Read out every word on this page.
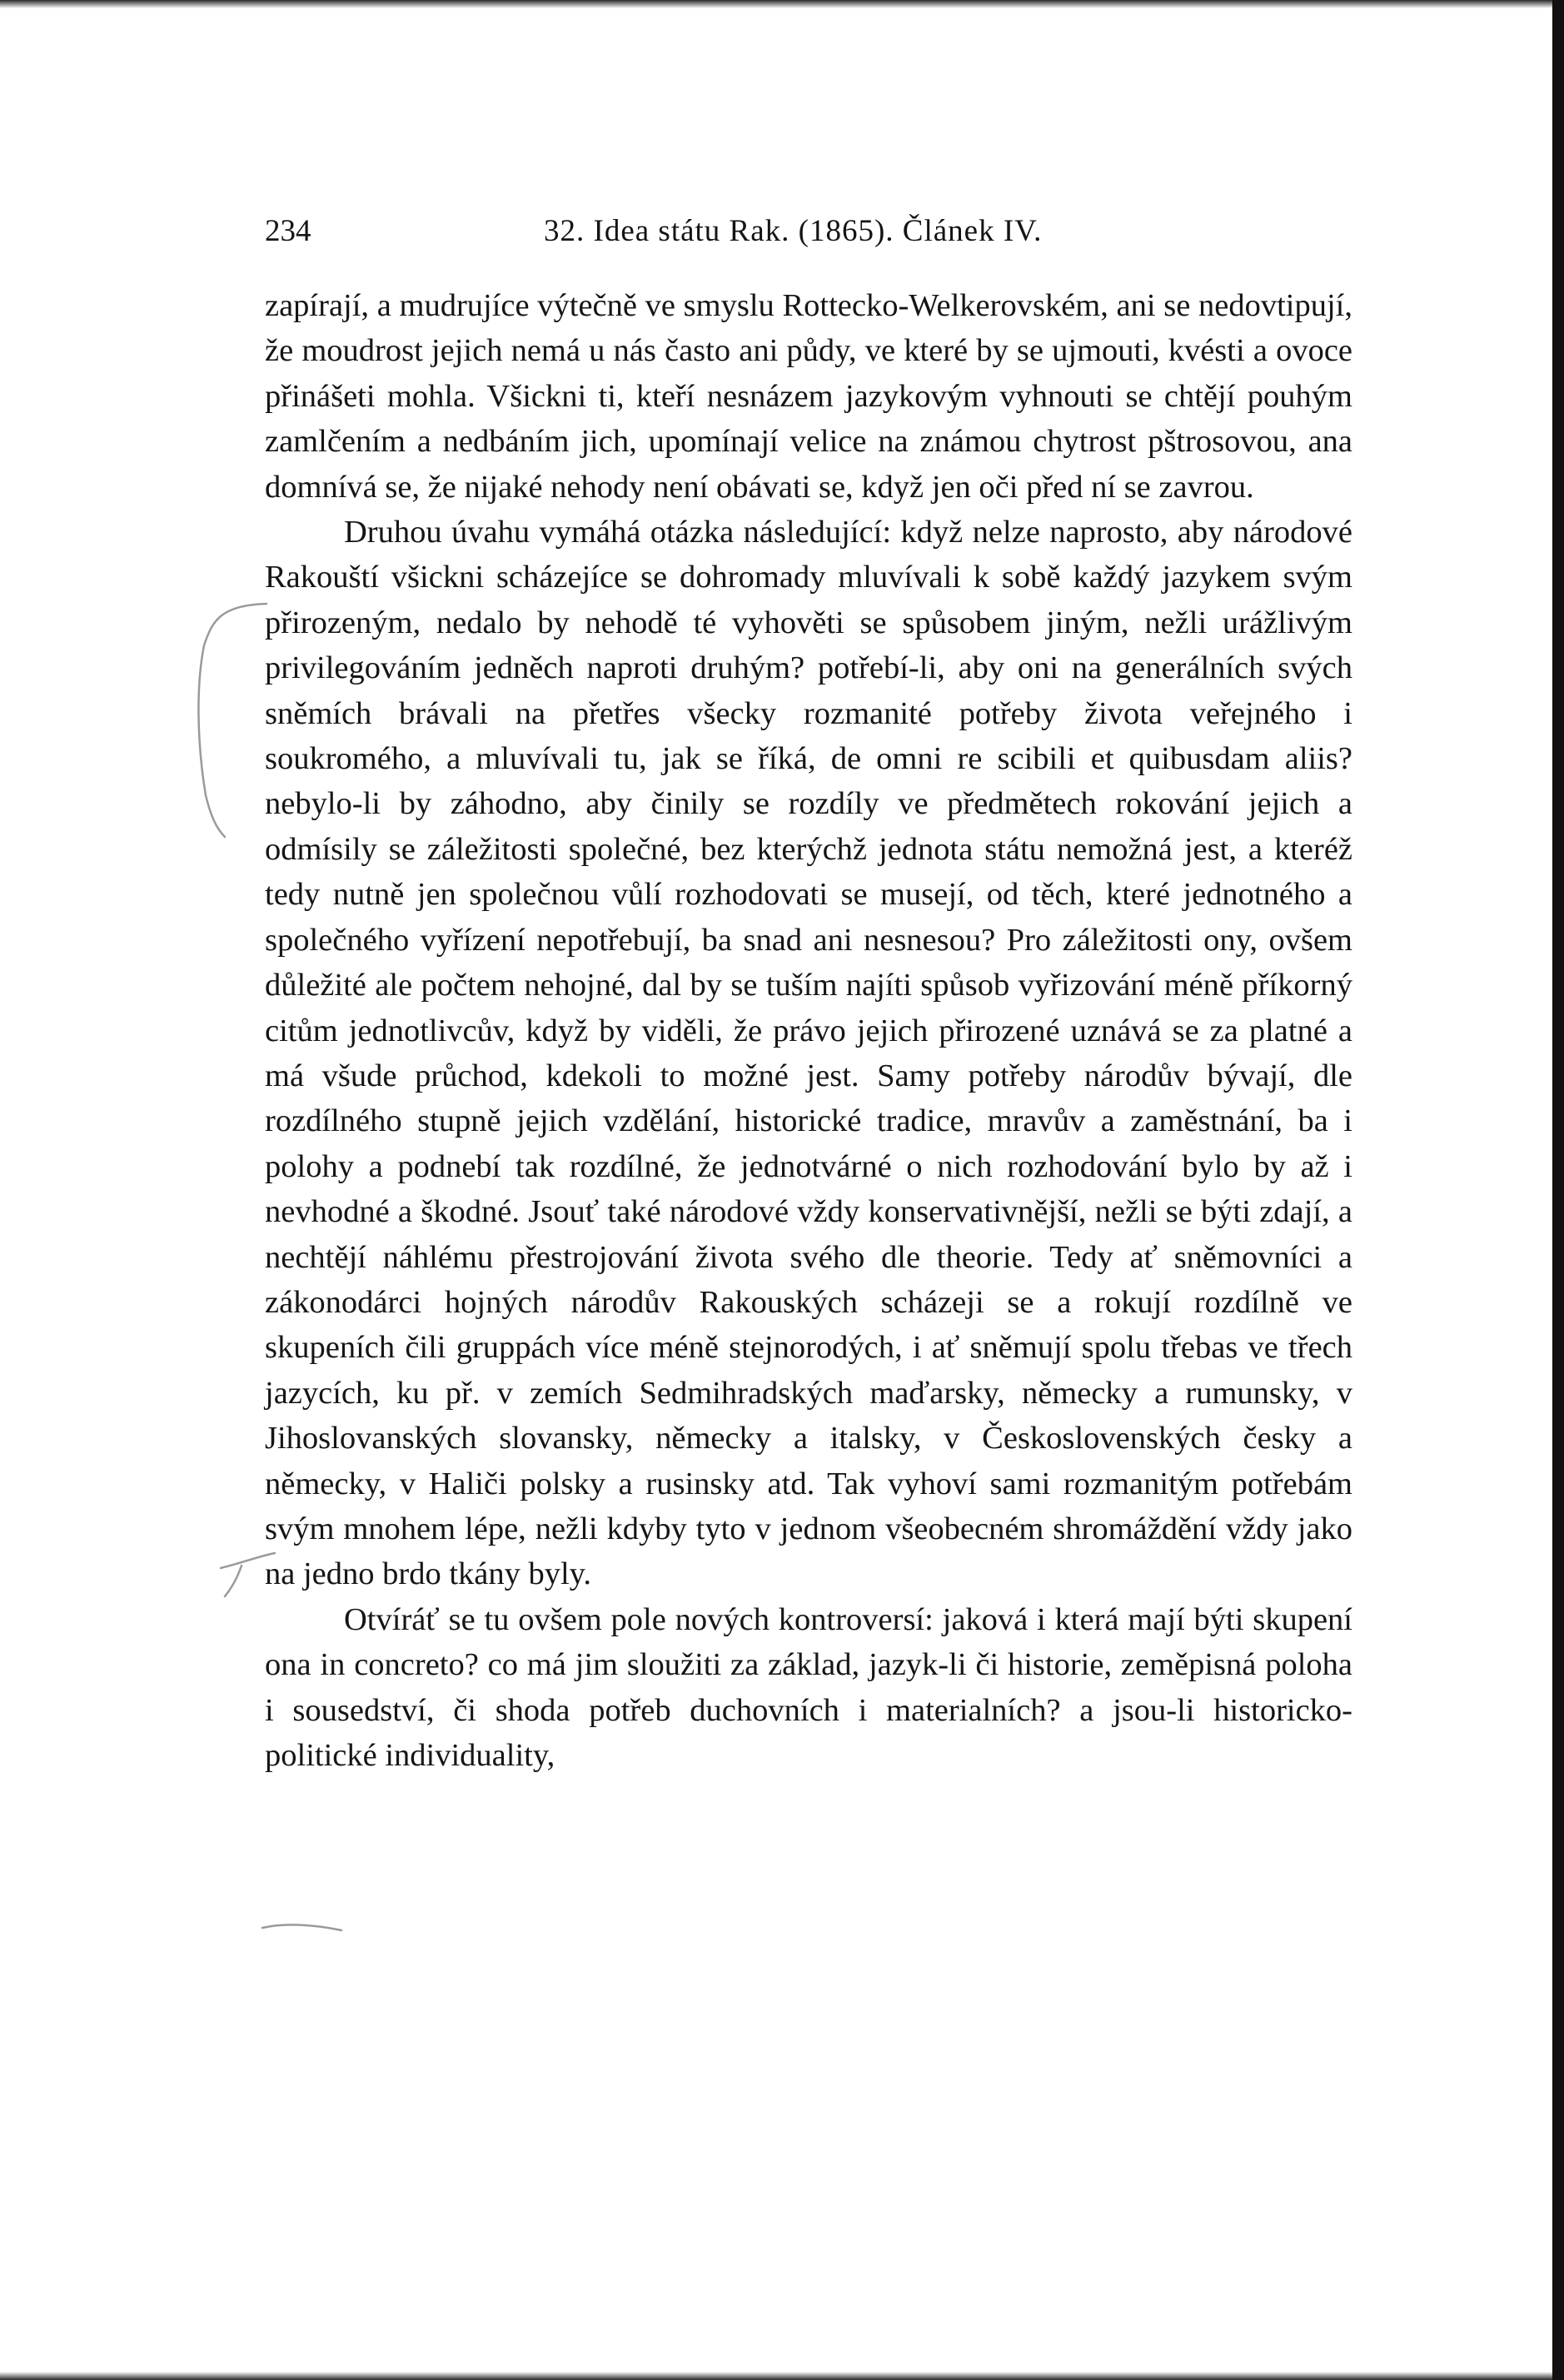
234	32. Idea státu Rak. (1865). Článek IV.

zapírají, a mudrujíce výtečně ve smyslu Rottecko-Welkerovském, ani se nedovtipují, že moudrost jejich nemá u nás často ani půdy, ve které by se ujmouti, kvésti a ovoce přinášeti mohla. Všickni ti, kteří nesnázem jazykovým vyhnouti se chtějí pouhým zamlčením a nedbáním jich, upomínají velice na známou chytrost pštrosovou, ana domnívá se, že nijaké nehody není obávati se, když jen oči před ní se zavrou.

Druhou úvahu vymáhá otázka následující: když nelze naprosto, aby národové Rakouští všickni scházejíce se dohromady mluvívali k sobě každý jazykem svým přirozeným, nedalo by nehodě té vyhověti se spůsobem jiným, nežli urážlivým privilegováním jedněch naproti druhým? potřebí-li, aby oni na generálních svých sněmích brávali na přetřes všecky rozmanité potřeby života veřejného i soukromého, a mluvívali tu, jak se říká, de omni re scibili et quibusdam aliis? nebylo-li by záhodno, aby činily se rozdíly ve předmětech rokování jejich a odmísily se záležitosti společné, bez kterýchž jednota státu nemožná jest, a kteréž tedy nutně jen společnou vůlí rozhodovati se musejí, od těch, které jednotného a společného vyřízení nepotřebují, ba snad ani nesnesou? Pro záležitosti ony, ovšem důležité ale počtem nehojné, dal by se tuším najíti spůsob vyřizování méně příkorný citům jednotlivcův, když by viděli, že právo jejich přirozené uznává se za platné a má všude průchod, kdekoli to možné jest. Samy potřeby národův bývají, dle rozdílného stupně jejich vzdělání, historické tradice, mravův a zaměstnání, ba i polohy a podnebí tak rozdílné, že jednotvárné o nich rozhodování bylo by až i nevhodné a škodné. Jsouť také národové vždy konservativnější, nežli se býti zdají, a nechtějí náhlému přestrojování života svého dle theorie. Tedy ať sněmovníci a zákonodárci hojných národův Rakouských scházeji se a rokují rozdílně ve skupeních čili gruppách více méně stejnorodých, i ať sněmují spolu třebas ve třech jazycích, ku př. v zemích Sedmihradských maďarsky, německy a rumunsky, v Jihoslovanských slovansky, německy a italsky, v Československých česky a německy, v Haliči polsky a rusinsky atd. Tak vyhoví sami rozmanitým potřebám svým mnohem lépe, nežli kdyby tyto v jednom všeobecném shromáždění vždy jako na jedno brdo tkány byly.

Otvíráť se tu ovšem pole nových kontroversí: jaková i která mají býti skupení ona in concreto? co má jim sloužiti za základ, jazyk-li či historie, zeměpisná poloha i sousedství, či shoda potřeb duchovních i materialních? a jsou-li historicko-politické individuality,
